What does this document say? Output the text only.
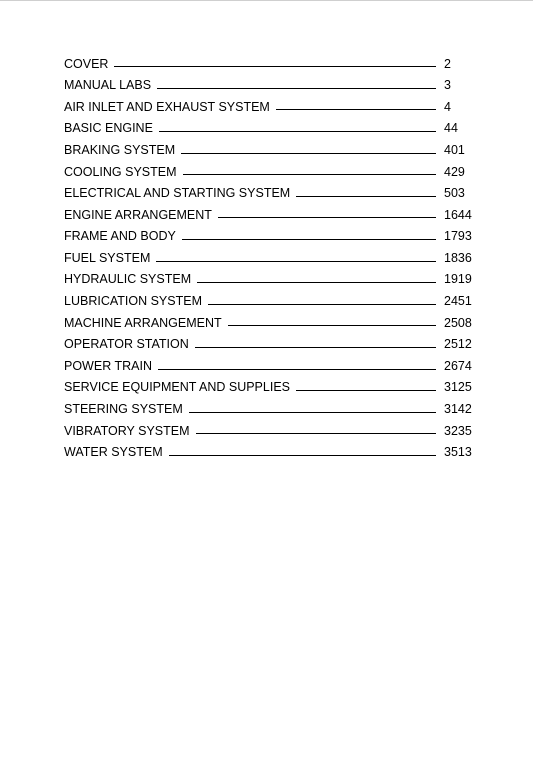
COVER	2
MANUAL LABS	3
AIR INLET AND EXHAUST SYSTEM	4
BASIC ENGINE	44
BRAKING SYSTEM	401
COOLING SYSTEM	429
ELECTRICAL AND STARTING SYSTEM	503
ENGINE ARRANGEMENT	1644
FRAME AND BODY	1793
FUEL SYSTEM	1836
HYDRAULIC SYSTEM	1919
LUBRICATION SYSTEM	2451
MACHINE ARRANGEMENT	2508
OPERATOR STATION	2512
POWER TRAIN	2674
SERVICE EQUIPMENT AND SUPPLIES	3125
STEERING SYSTEM	3142
VIBRATORY SYSTEM	3235
WATER SYSTEM	3513
